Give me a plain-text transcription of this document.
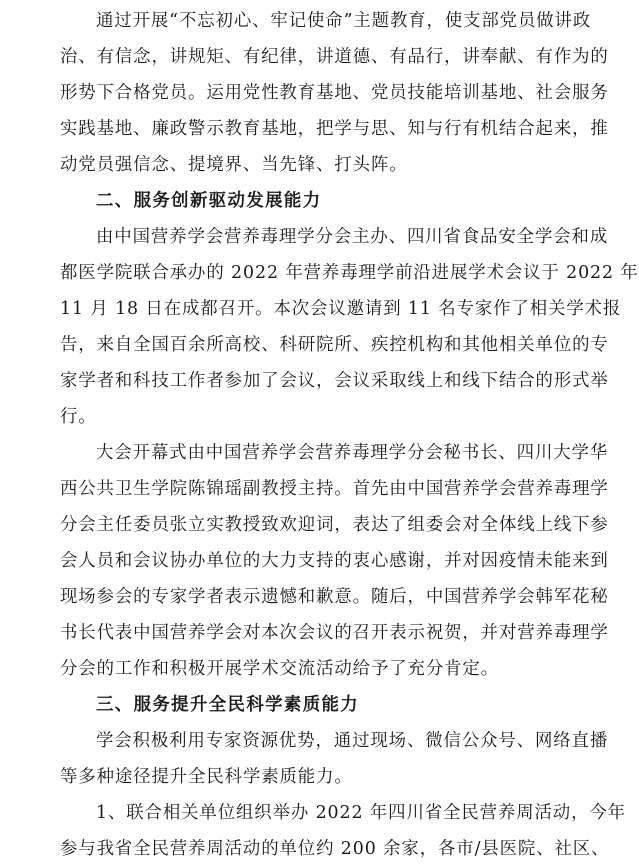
通过开展“不忘初心、牢记使命”主题教育，使支部党员做讲政
治、有信念，讲规矩、有纪律，讲道德、有品行，讲奉献、有作为的
形势下合格党员。运用党性教育基地、党员技能培训基地、社会服务
实践基地、廉政警示教育基地，把学与思、知与行有机结合起来，推
动党员强信念、提境界、当先锋、打头阵。
二、服务创新驱动发展能力
由中国营养学会营养毒理学分会主办、四川省食品安全学会和成
都医学院联合承办的 2022 年营养毒理学前沿进展学术会议于 2022 年
11 月 18 日在成都召开。本次会议邀请到 11 名专家作了相关学术报
告，来自全国百余所高校、科研院所、疾控机构和其他相关单位的专
家学者和科技工作者参加了会议，会议采取线上和线下结合的形式举
行。
大会开幕式由中国营养学会营养毒理学分会秘书长、四川大学华
西公共卫生学院陈锦瑶副教授主持。首先由中国营养学会营养毒理学
分会主任委员张立实教授致欢迎词，表达了组委会对全体线上线下参
会人员和会议协办单位的大力支持的衷心感谢，并对因疫情未能来到
现场参会的专家学者表示遗憾和歉意。随后，中国营养学会韩军花秘
书长代表中国营养学会对本次会议的召开表示祝贺，并对营养毒理学
分会的工作和积极开展学术交流活动给予了充分肯定。
三、服务提升全民科学素质能力
学会积极利用专家资源优势，通过现场、微信公众号、网络直播
等多种途径提升全民科学素质能力。
1、联合相关单位组织举办 2022 年四川省全民营养周活动，今年
参与我省全民营养周活动的单位约 200 余家，各市/县医院、社区、
